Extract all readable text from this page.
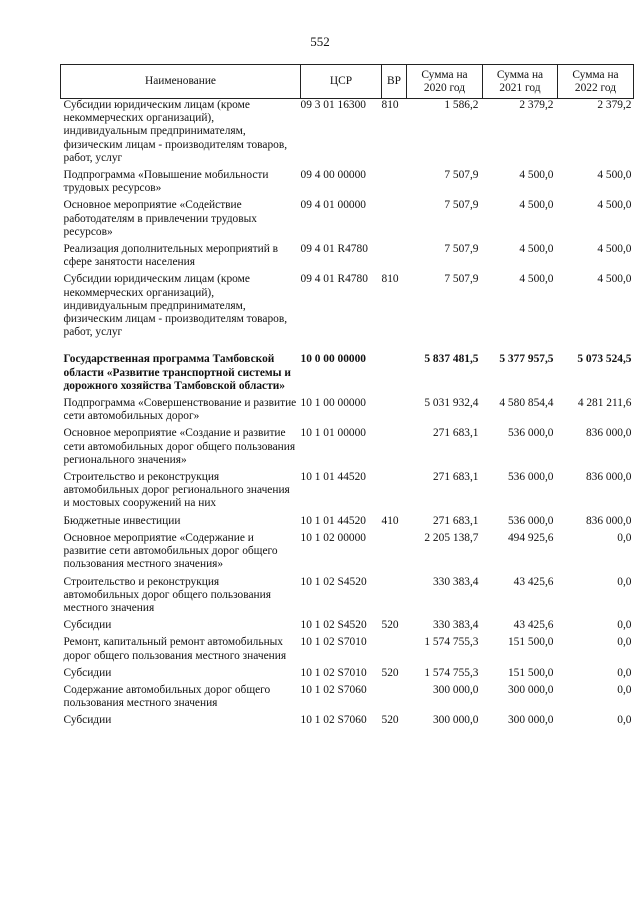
552
Наименование	ЦСР	ВР	Сумма на 2020 год	Сумма на 2021 год	Сумма на 2022 год
Субсидии юридическим лицам (кроме некоммерческих организаций), индивидуальным предпринимателям, физическим лицам - производителям товаров, работ, услуг	09 3 01 16300	810	1 586,2	2 379,2	2 379,2
Подпрограмма «Повышение мобильности трудовых ресурсов»	09 4 00 00000		7 507,9	4 500,0	4 500,0
Основное мероприятие «Содействие работодателям в привлечении трудовых ресурсов»	09 4 01 00000		7 507,9	4 500,0	4 500,0
Реализация дополнительных мероприятий в сфере занятости населения	09 4 01 R4780		7 507,9	4 500,0	4 500,0
Субсидии юридическим лицам (кроме некоммерческих организаций), индивидуальным предпринимателям, физическим лицам - производителям товаров, работ, услуг	09 4 01 R4780	810	7 507,9	4 500,0	4 500,0
Государственная программа Тамбовской области «Развитие транспортной системы и дорожного хозяйства Тамбовской области»	10 0 00 00000		5 837 481,5	5 377 957,5	5 073 524,5
Подпрограмма «Совершенствование и развитие сети автомобильных дорог»	10 1 00 00000		5 031 932,4	4 580 854,4	4 281 211,6
Основное мероприятие «Создание и развитие сети автомобильных дорог общего пользования регионального значения»	10 1 01 00000		271 683,1	536 000,0	836 000,0
Строительство и реконструкция автомобильных дорог регионального значения и мостовых сооружений на них	10 1 01 44520		271 683,1	536 000,0	836 000,0
Бюджетные инвестиции	10 1 01 44520	410	271 683,1	536 000,0	836 000,0
Основное мероприятие «Содержание и развитие сети автомобильных дорог общего пользования местного значения»	10 1 02 00000		2 205 138,7	494 925,6	0,0
Строительство и реконструкция автомобильных дорог общего пользования местного значения	10 1 02 S4520		330 383,4	43 425,6	0,0
Субсидии	10 1 02 S4520	520	330 383,4	43 425,6	0,0
Ремонт, капитальный ремонт автомобильных дорог общего пользования местного значения	10 1 02 S7010		1 574 755,3	151 500,0	0,0
Субсидии	10 1 02 S7010	520	1 574 755,3	151 500,0	0,0
Содержание автомобильных дорог общего пользования местного значения	10 1 02 S7060		300 000,0	300 000,0	0,0
Субсидии	10 1 02 S7060	520	300 000,0	300 000,0	0,0
